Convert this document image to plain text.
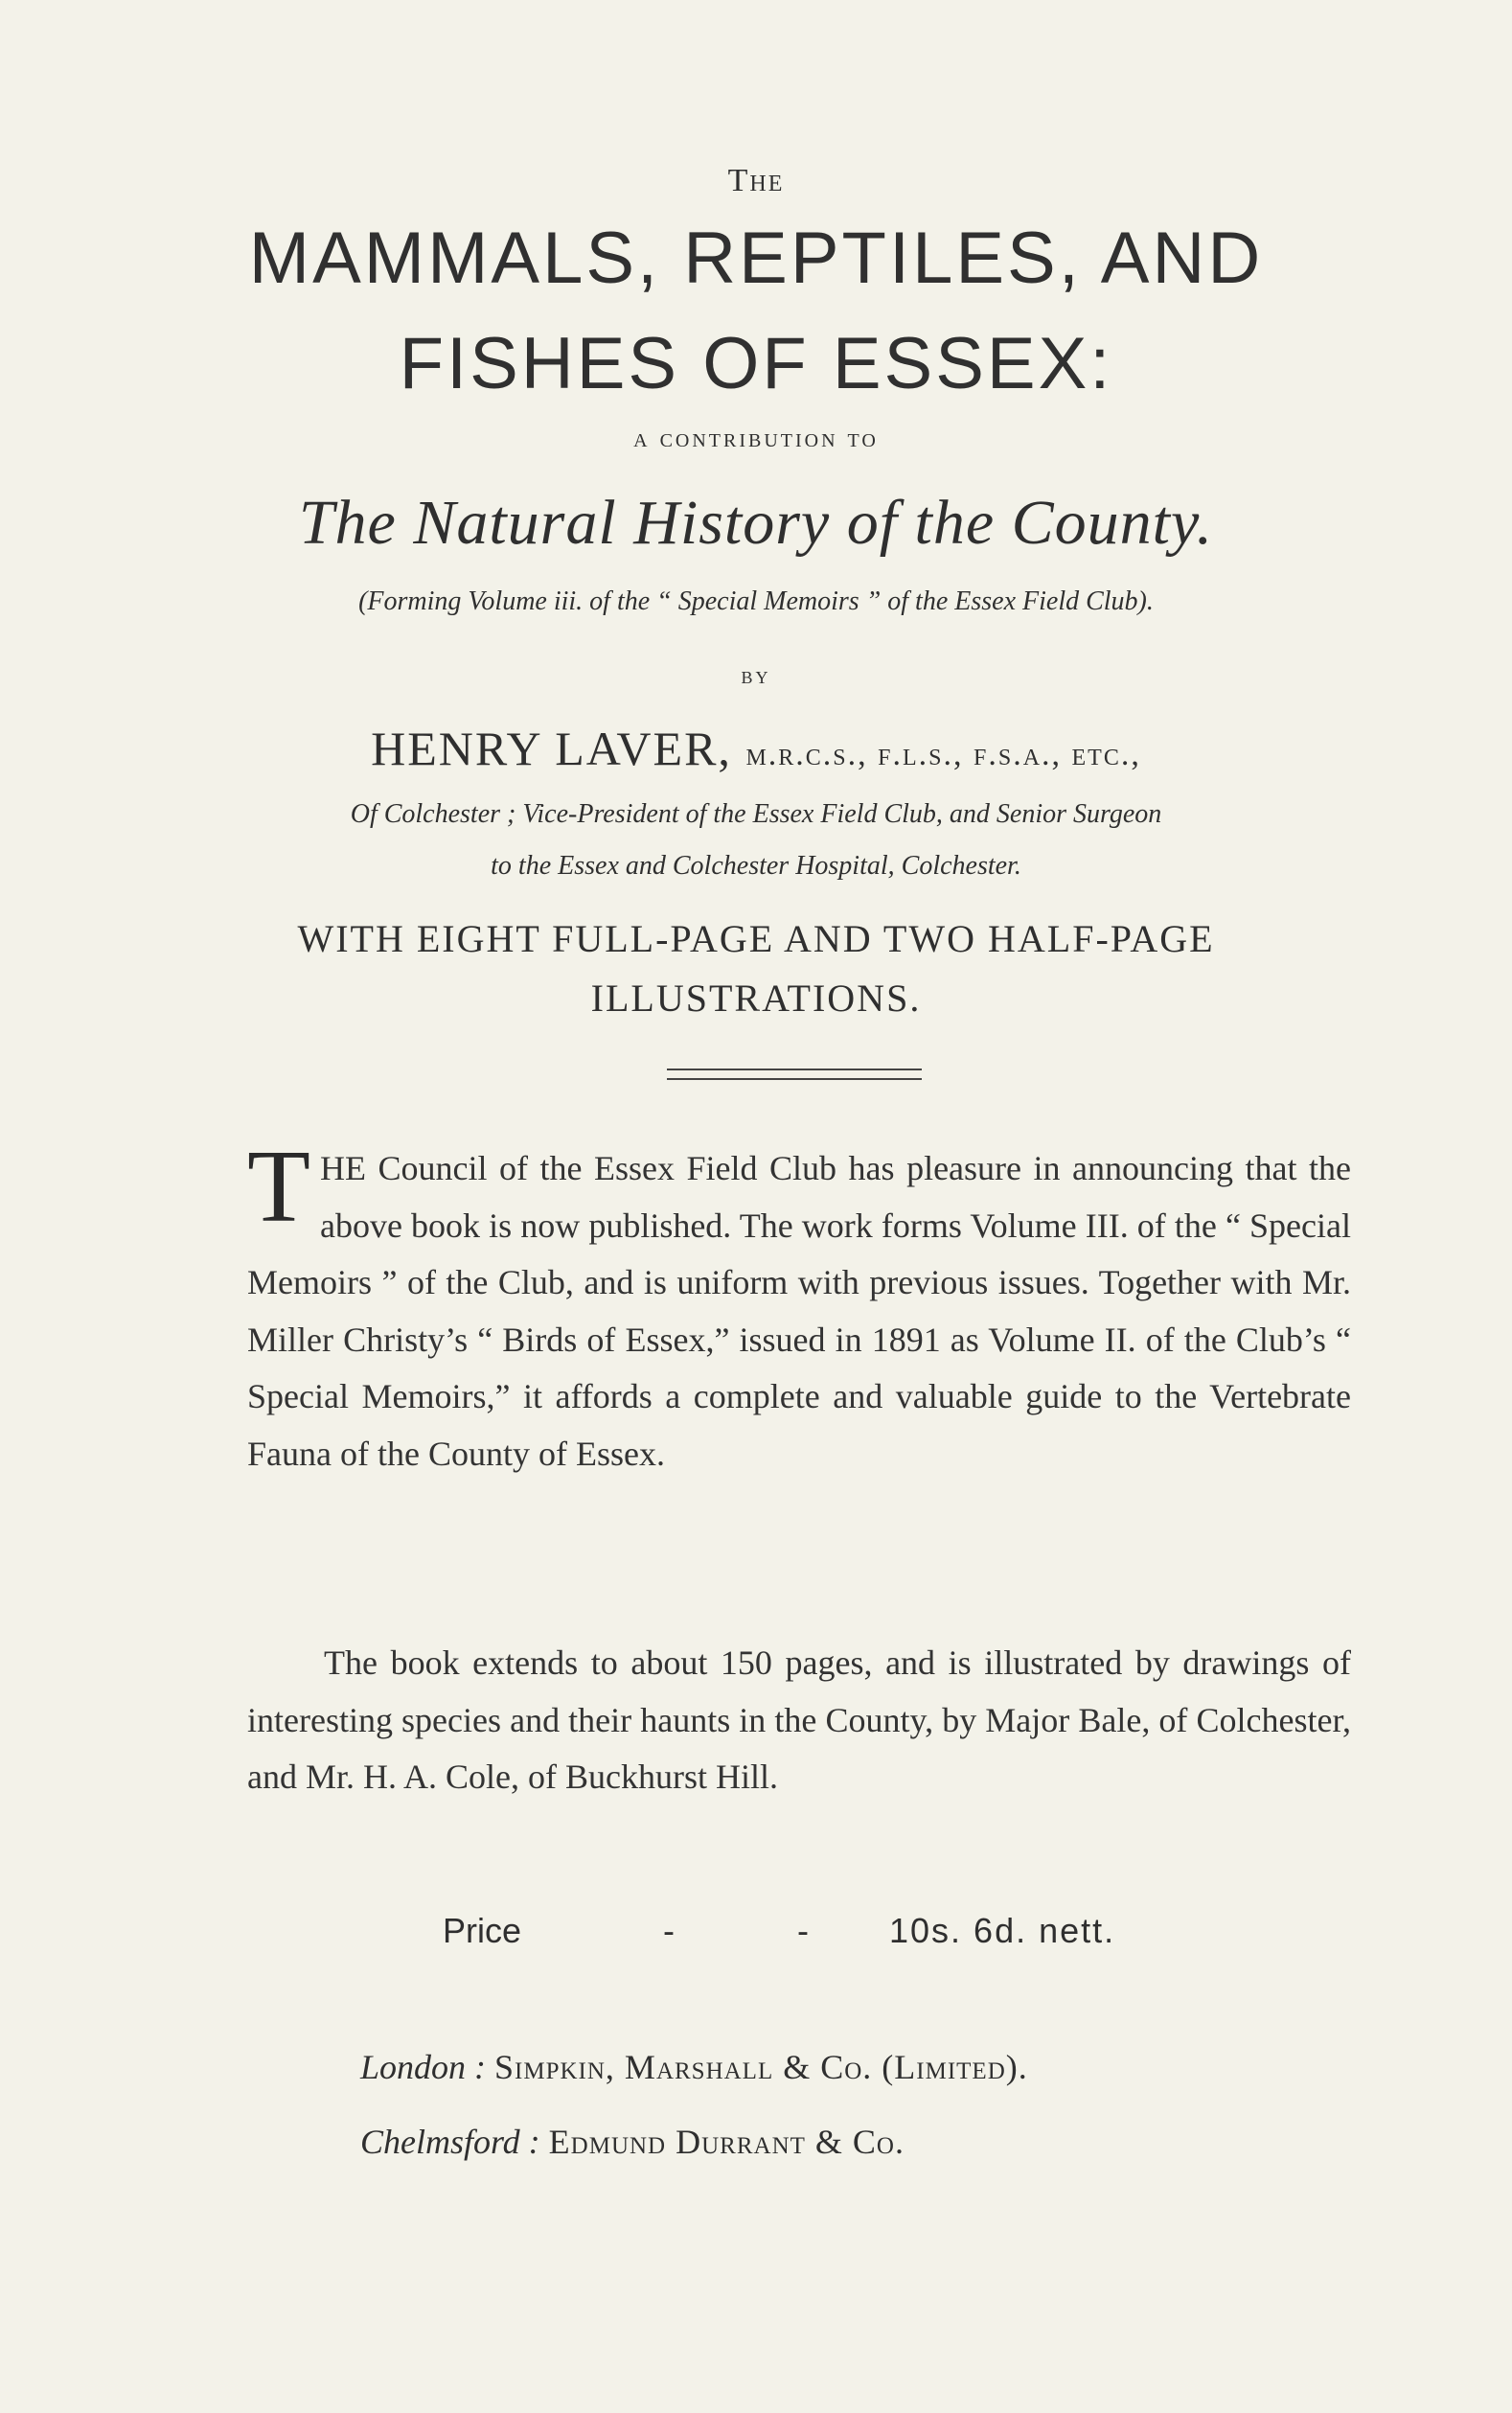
The
MAMMALS, REPTILES, AND
FISHES OF ESSEX:
a contribution to
The Natural History of the County.
(Forming Volume iii. of the “ Special Memoirs ” of the Essex Field Club).
by
HENRY LAVER, m.r.c.s., f.l.s., f.s.a., etc.,
Of Colchester ; Vice-President of the Essex Field Club, and Senior Surgeon
to the Essex and Colchester Hospital, Colchester.
WITH EIGHT FULL-PAGE AND TWO HALF-PAGE
ILLUSTRATIONS.
THE Council of the Essex Field Club has pleasure in announcing that the above book is now published. The work forms Volume III. of the “ Special Memoirs ” of the Club, and is uniform with previous issues. Together with Mr. Miller Christy’s “ Birds of Essex,” issued in 1891 as Volume II. of the Club’s “ Special Memoirs,” it affords a complete and valuable guide to the Vertebrate Fauna of the County of Essex.
The book extends to about 150 pages, and is illustrated by drawings of interesting species and their haunts in the County, by Major Bale, of Colchester, and Mr. H. A. Cole, of Buckhurst Hill.
Price	-	- 10s. 6d. nett.
London : Simpkin, Marshall & Co. (Limited).
Chelmsford : Edmund Durrant & Co.
